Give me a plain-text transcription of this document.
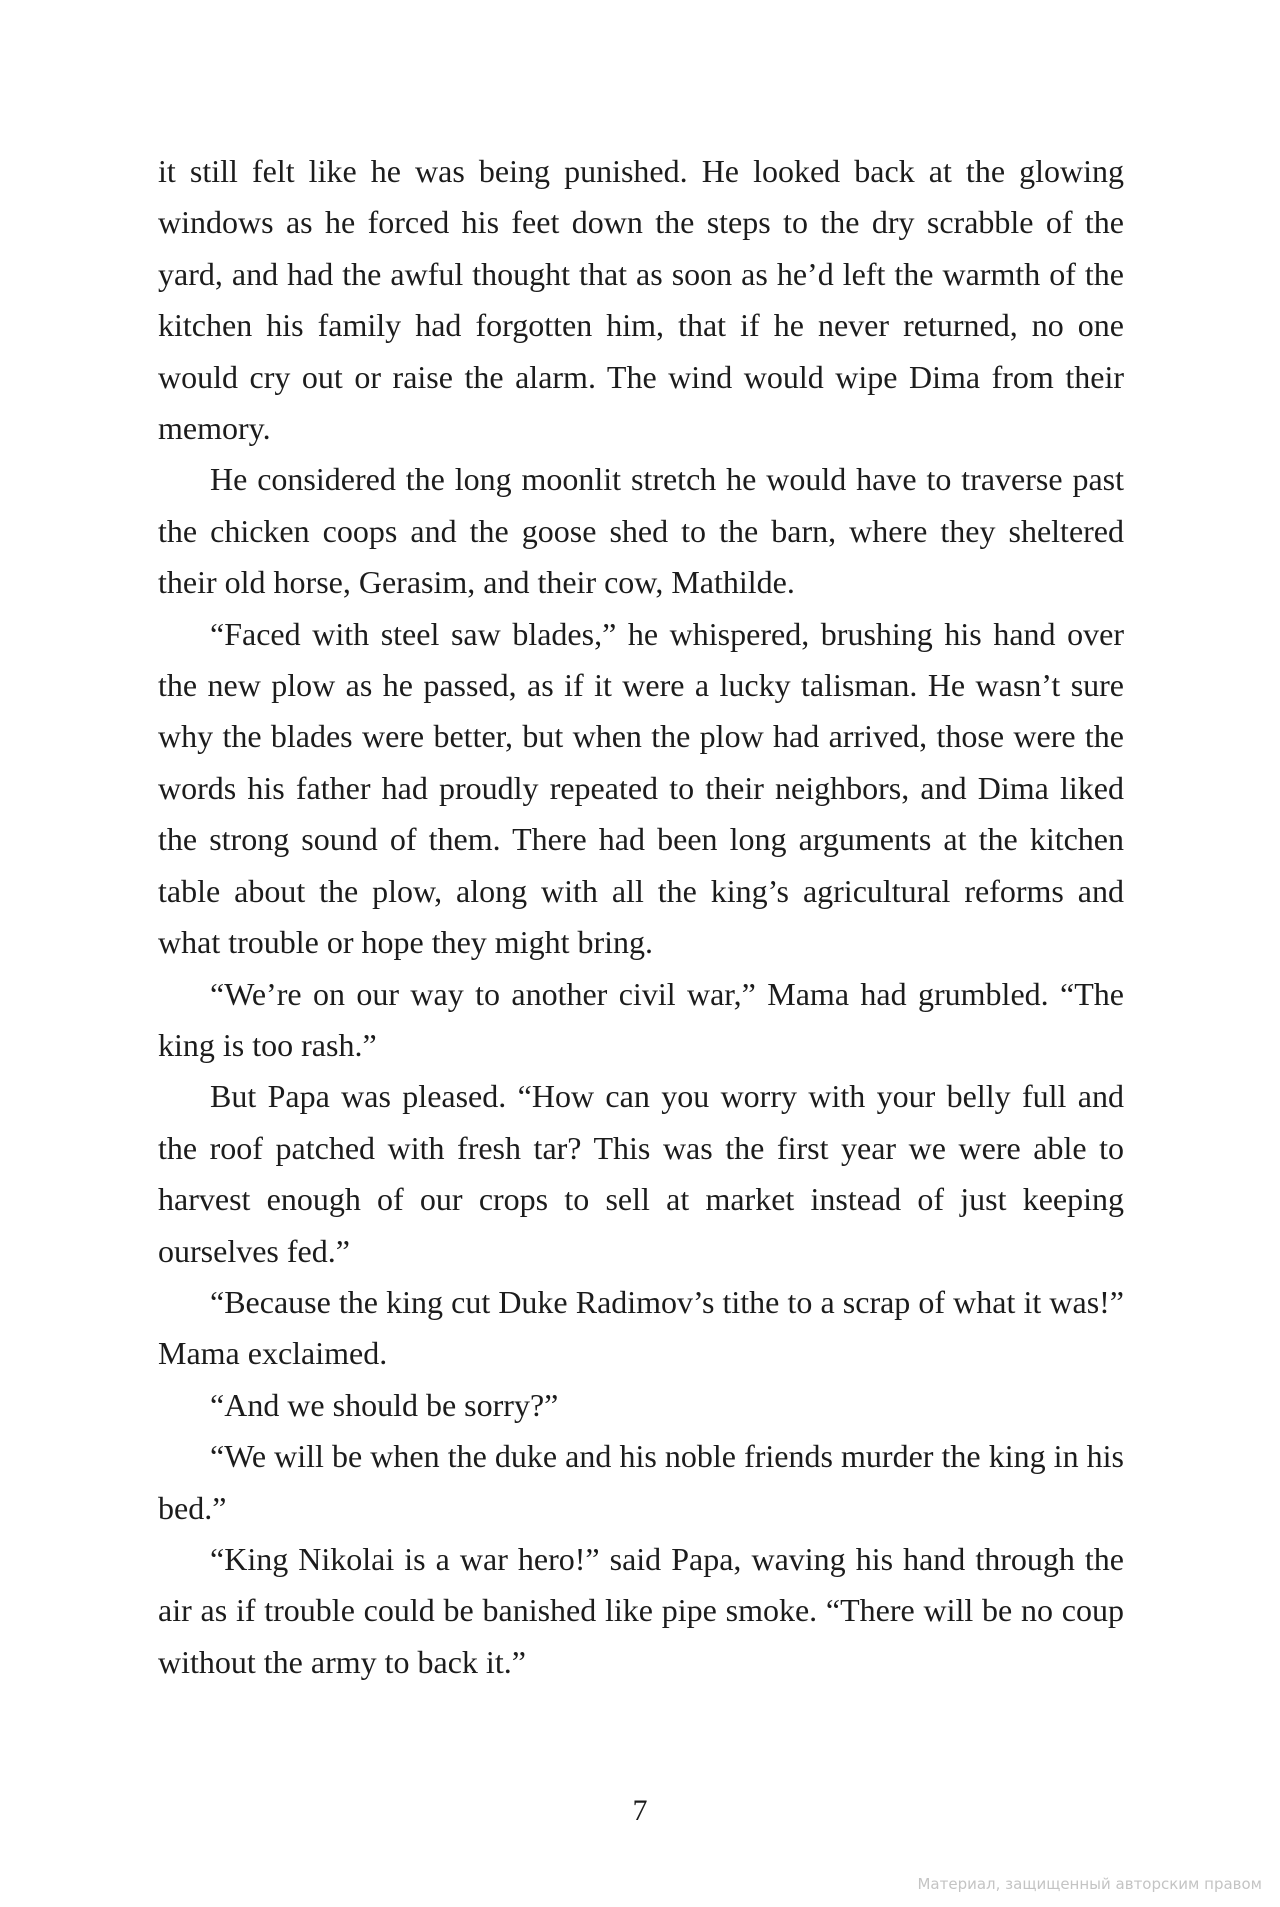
it still felt like he was being punished. He looked back at the glowing windows as he forced his feet down the steps to the dry scrabble of the yard, and had the awful thought that as soon as he’d left the warmth of the kitchen his family had forgotten him, that if he never returned, no one would cry out or raise the alarm. The wind would wipe Dima from their memory.

He considered the long moonlit stretch he would have to traverse past the chicken coops and the goose shed to the barn, where they sheltered their old horse, Gerasim, and their cow, Mathilde.

“Faced with steel saw blades,” he whispered, brushing his hand over the new plow as he passed, as if it were a lucky talisman. He wasn’t sure why the blades were better, but when the plow had arrived, those were the words his father had proudly repeated to their neighbors, and Dima liked the strong sound of them. There had been long arguments at the kitchen table about the plow, along with all the king’s agricultural reforms and what trouble or hope they might bring.

“We’re on our way to another civil war,” Mama had grumbled. “The king is too rash.”

But Papa was pleased. “How can you worry with your belly full and the roof patched with fresh tar? This was the first year we were able to harvest enough of our crops to sell at market instead of just keeping ourselves fed.”

“Because the king cut Duke Radimov’s tithe to a scrap of what it was!” Mama exclaimed.

“And we should be sorry?”

“We will be when the duke and his noble friends murder the king in his bed.”

“King Nikolai is a war hero!” said Papa, waving his hand through the air as if trouble could be banished like pipe smoke. “There will be no coup without the army to back it.”

7
Материал, защищенный авторским правом
